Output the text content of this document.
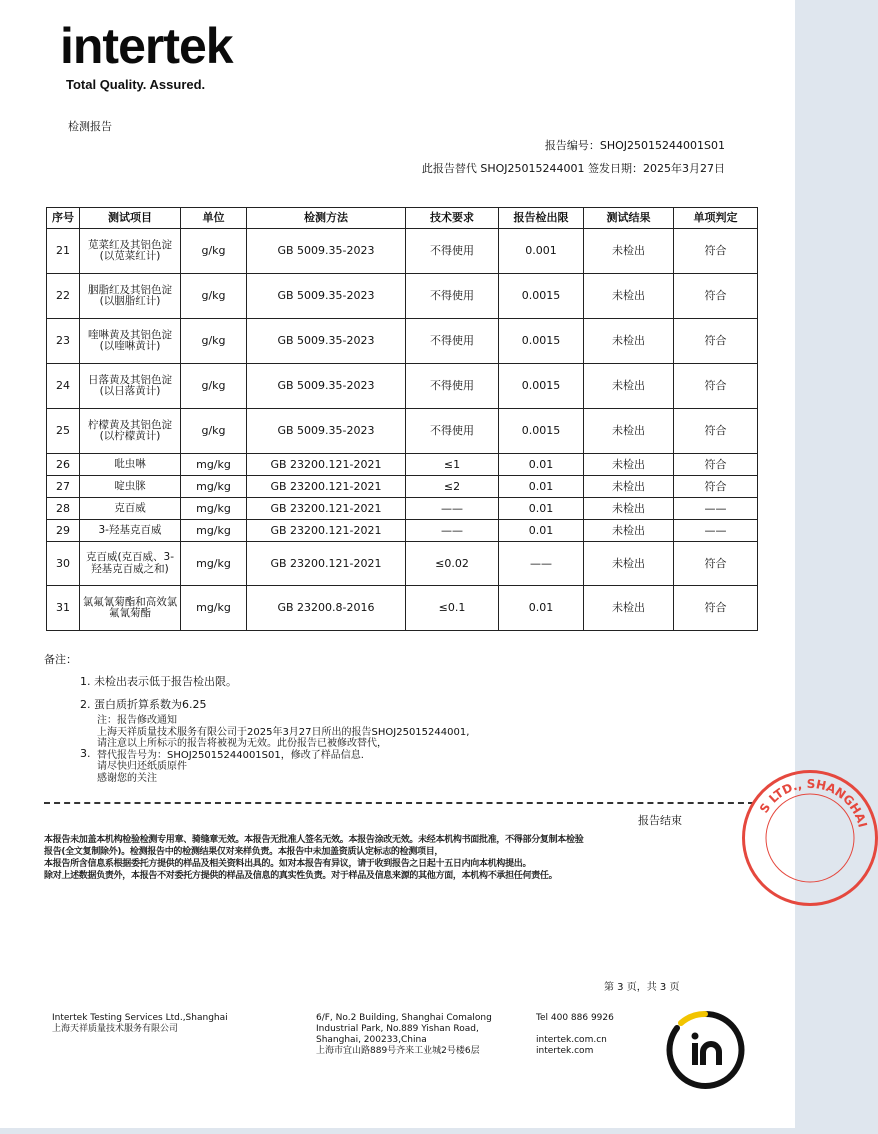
intertek
Total Quality. Assured.
检测报告
报告编号：SHOJ25015244001S01
此报告替代 SHOJ25015244001 签发日期：2025年3月27日
序号	测试项目	单位	检测方法	技术要求	报告检出限	测试结果	单项判定
21	苋菜红及其铝色淀(以苋菜红计)	g/kg	GB 5009.35-2023	不得使用	0.001	未检出	符合
22	胭脂红及其铝色淀(以胭脂红计)	g/kg	GB 5009.35-2023	不得使用	0.0015	未检出	符合
23	喹啉黄及其铝色淀(以喹啉黄计)	g/kg	GB 5009.35-2023	不得使用	0.0015	未检出	符合
24	日落黄及其铝色淀(以日落黄计)	g/kg	GB 5009.35-2023	不得使用	0.0015	未检出	符合
25	柠檬黄及其铝色淀(以柠檬黄计)	g/kg	GB 5009.35-2023	不得使用	0.0015	未检出	符合
26	吡虫啉	mg/kg	GB 23200.121-2021	≤1	0.01	未检出	符合
27	啶虫脒	mg/kg	GB 23200.121-2021	≤2	0.01	未检出	符合
28	克百威	mg/kg	GB 23200.121-2021	——	0.01	未检出	——
29	3-羟基克百威	mg/kg	GB 23200.121-2021	——	0.01	未检出	——
30	克百威(克百威、3-羟基克百威之和)	mg/kg	GB 23200.121-2021	≤0.02	——	未检出	符合
31	氯氟氰菊酯和高效氯氟氰菊酯	mg/kg	GB 23200.8-2016	≤0.1	0.01	未检出	符合
备注：
1. 未检出表示低于报告检出限。
2. 蛋白质折算系数为6.25
3.
注：报告修改通知
上海天祥质量技术服务有限公司于2025年3月27日所出的报告SHOJ25015244001,
请注意以上所标示的报告将被视为无效。此份报告已被修改替代，
替代报告号为：SHOJ25015244001S01，修改了样品信息.
请尽快归还纸质原件
感谢您的关注
报告结束
本报告未加盖本机构检验检测专用章、骑缝章无效。本报告无批准人签名无效。本报告涂改无效。未经本机构书面批准，不得部分复制本检验
报告(全文复制除外)。检测报告中的检测结果仅对来样负责。本报告中未加盖资质认定标志的检测项目，
本报告所含信息系根据委托方提供的样品及相关资料出具的。如对本报告有异议，请于收到报告之日起十五日内向本机构提出。
除对上述数据负责外，本报告不对委托方提供的样品及信息的真实性负责。对于样品及信息来源的其他方面，本机构不承担任何责任。
S LTD., SHANGHAI
第 3 页，共 3 页
Intertek Testing Services Ltd.,Shanghai
上海天祥质量技术服务有限公司
6/F, No.2 Building, Shanghai Comalong
Industrial Park, No.889 Yishan Road,
Shanghai, 200233,China
上海市宜山路889号齐来工业城2号楼6层
Tel 400 886 9926
intertek.com.cn
intertek.com
